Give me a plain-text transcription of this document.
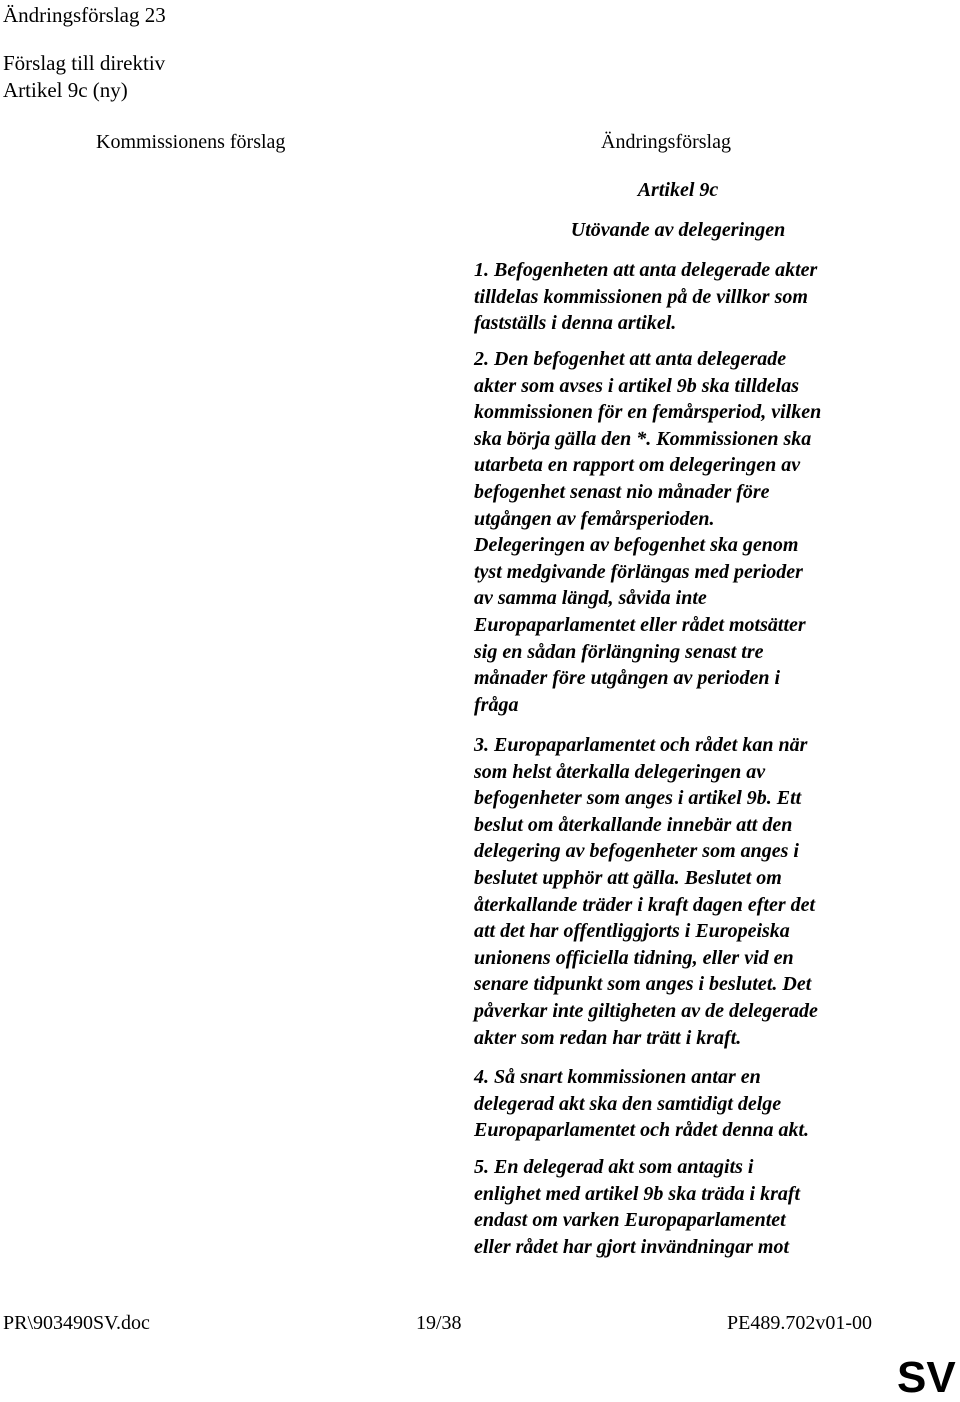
Ändringsförslag 23
Förslag till direktiv
Artikel 9c (ny)
Kommissionens förslag	Ändringsförslag
Artikel 9c
Utövande av delegeringen
1. Befogenheten att anta delegerade akter
tilldelas kommissionen på de villkor som
fastställs i denna artikel.
2. Den befogenhet att anta delegerade
akter som avses i artikel 9b ska tilldelas
kommissionen för en femårsperiod, vilken
ska börja gälla den *. Kommissionen ska
utarbeta en rapport om delegeringen av
befogenhet senast nio månader före
utgången av femårsperioden.
Delegeringen av befogenhet ska genom
tyst medgivande förlängas med perioder
av samma längd, såvida inte
Europaparlamentet eller rådet motsätter
sig en sådan förlängning senast tre
månader före utgången av perioden i
fråga
3. Europaparlamentet och rådet kan när
som helst återkalla delegeringen av
befogenheter som anges i artikel 9b. Ett
beslut om återkallande innebär att den
delegering av befogenheter som anges i
beslutet upphör att gälla. Beslutet om
återkallande träder i kraft dagen efter det
att det har offentliggjorts i Europeiska
unionens officiella tidning, eller vid en
senare tidpunkt som anges i beslutet. Det
påverkar inte giltigheten av de delegerade
akter som redan har trätt i kraft.
4. Så snart kommissionen antar en
delegerad akt ska den samtidigt delge
Europaparlamentet och rådet denna akt.
5. En delegerad akt som antagits i
enlighet med artikel 9b ska träda i kraft
endast om varken Europaparlamentet
eller rådet har gjort invändningar mot
PR\903490SV.doc	19/38	PE489.702v01-00
SV
